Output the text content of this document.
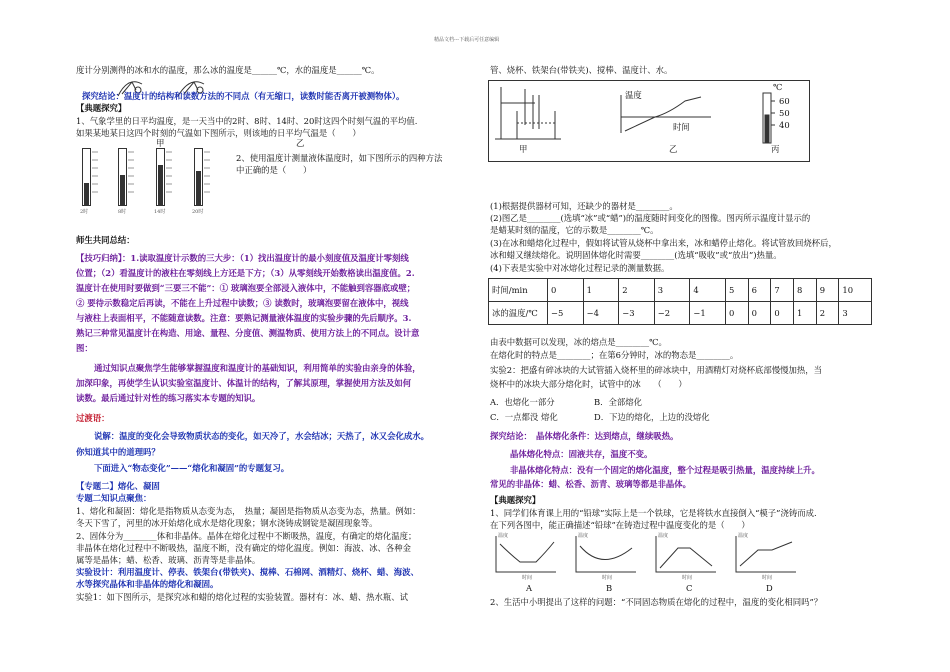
精品文档---下载后可任意编辑
度计分别测得的冰和水的温度，那么冰的温度是______℃，水的温度是______℃。
探究结论：温度计的结构和读数方法的不同点（有无缩口，读数时能否离开被测物体）。
【典题探究】
1、气象学里的日平均温度，是一天当中的2时、8时、14时、20时这四个时刻气温的平均值.
如果某地某日这四个时刻的气温如下图所示，则该地的日平均气温是（　　）
甲	乙
2时	8时	14时	20时
2、使用温度计测量液体温度时，如下图所示的四种方法
中正确的是（　　）
师生共同总结：
【技巧归纳】：1.读取温度计示数的三大步：（1）找出温度计的最小刻度值及温度计零刻线
位置；（2）看温度计的液柱在零刻线上方还是下方；（3）从零刻线开始数格读出温度值。2.
温度计在使用时要做到“三要三不能”：① 玻璃泡要全部浸入液体中，不能触到容器底或壁；
② 要待示数稳定后再读，不能在上升过程中读数；③ 读数时，玻璃泡要留在液体中，视线
与液柱上表面相平，不能随意读数。注意：要熟记测量液体温度的实验步骤的先后顺序。3.
熟记三种常见温度计在构造、用途、量程、分度值、测温物质、使用方法上的不同点。设计意
图：
通过知识点聚焦学生能够掌握温度和温度计的基础知识，利用简单的实验由亲身的体验，
加深印象，再使学生认识实验室温度计、体温计的结构，了解其原理，掌握使用方法及如何
读数。最后通过针对性的练习落实本专题的知识。
过渡语：
说解：温度的变化会导致物质状态的变化，如天冷了，水会结冰；天热了，冰又会化成水。
你知道其中的道理吗？
下面进入“物态变化”——“熔化和凝固”的专题复习。
【专题二】熔化、凝固
专题二知识点聚焦：
1、熔化和凝固：熔化是指物质从态变为态，　热量；凝固是指物质从态变为态，热量。例如：
冬天下雪了，河里的冰开始熔化成水是熔化现象；钢水浇铸成钢锭是凝固现象等。
2、固体分为________体和非晶体。晶体在熔化过程中不断吸热，温度，有确定的熔化温度；
非晶体在熔化过程中不断吸热，温度不断，没有确定的熔化温度。例如：海波、冰、各种金
属等是晶体；蜡、松香、玻璃、沥青等是非晶体。
实验设计：利用温度计、停表、铁架台(带铁夹)、搅棒、石棉网、酒精灯、烧杯、蜡、海波、
水等探究晶体和非晶体的熔化和凝固。
实验1：如下图所示，是探究冰和蜡的熔化过程的实验装置。器材有：冰、蜡、热水瓶、试
管、烧杯、铁架台(带铁夹)、搅棒、温度计、水。
温度
时间
℃
60
50
40
甲	乙	丙
(1)根据提供器材可知，还缺少的器材是________。
(2)图乙是________(选填“冰”或“蜡”)的温度随时间变化的图像。图丙所示温度计显示的
是蜡某时刻的温度，它的示数是________℃。
(3)在冰和蜡熔化过程中，假如将试管从烧杯中拿出来，冰和蜡停止熔化。将试管放回烧杯后，
冰和蜡又继续熔化。说明固体熔化时需要________(选填“吸收”或“放出”)热量。
(4)下表是实验中对冰熔化过程记录的测量数据。
时间/min	0	1	2	3	4	5	6	7	8	9	10
冰的温度/℃	−5	−4	−3	−2	−1	0	0	0	1	2	3
由表中数据可以发现，冰的熔点是________℃。
在熔化时的特点是________；在第6分钟时，冰的物态是________。
实验2：把盛有碎冰块的大试管插入烧杯里的碎冰块中，用酒精灯对烧杯底部慢慢加热，当
烧杯中的冰块大部分熔化时，试管中的冰　　（　　）
A．也熔化一部分	B．全部熔化
C．一点都没 熔化	D．下边的熔化，上边的没熔化
探究结论：　晶体熔化条件：达到熔点，继续吸热。
晶体熔化特点：固液共存，温度不变。
非晶体熔化特点：没有一个固定的熔化温度，整个过程是吸引热量，温度持续上升。
常见的非晶体：蜡、松香、沥青、玻璃等都是非晶体。
【典题探究】
1、同学们体育课上用的“铅球”实际上是一个铁球，它是将铁水直接倒入“模子”浇铸而成.
在下列各图中，能正确描述“铅球”在铸造过程中温度变化的是（　　）
温度	温度	温度	温度
时间	时间	时间	时间
A	B	C	D
2、生活中小明提出了这样的问题：“不同固态物质在熔化的过程中，温度的变化相同吗”？
